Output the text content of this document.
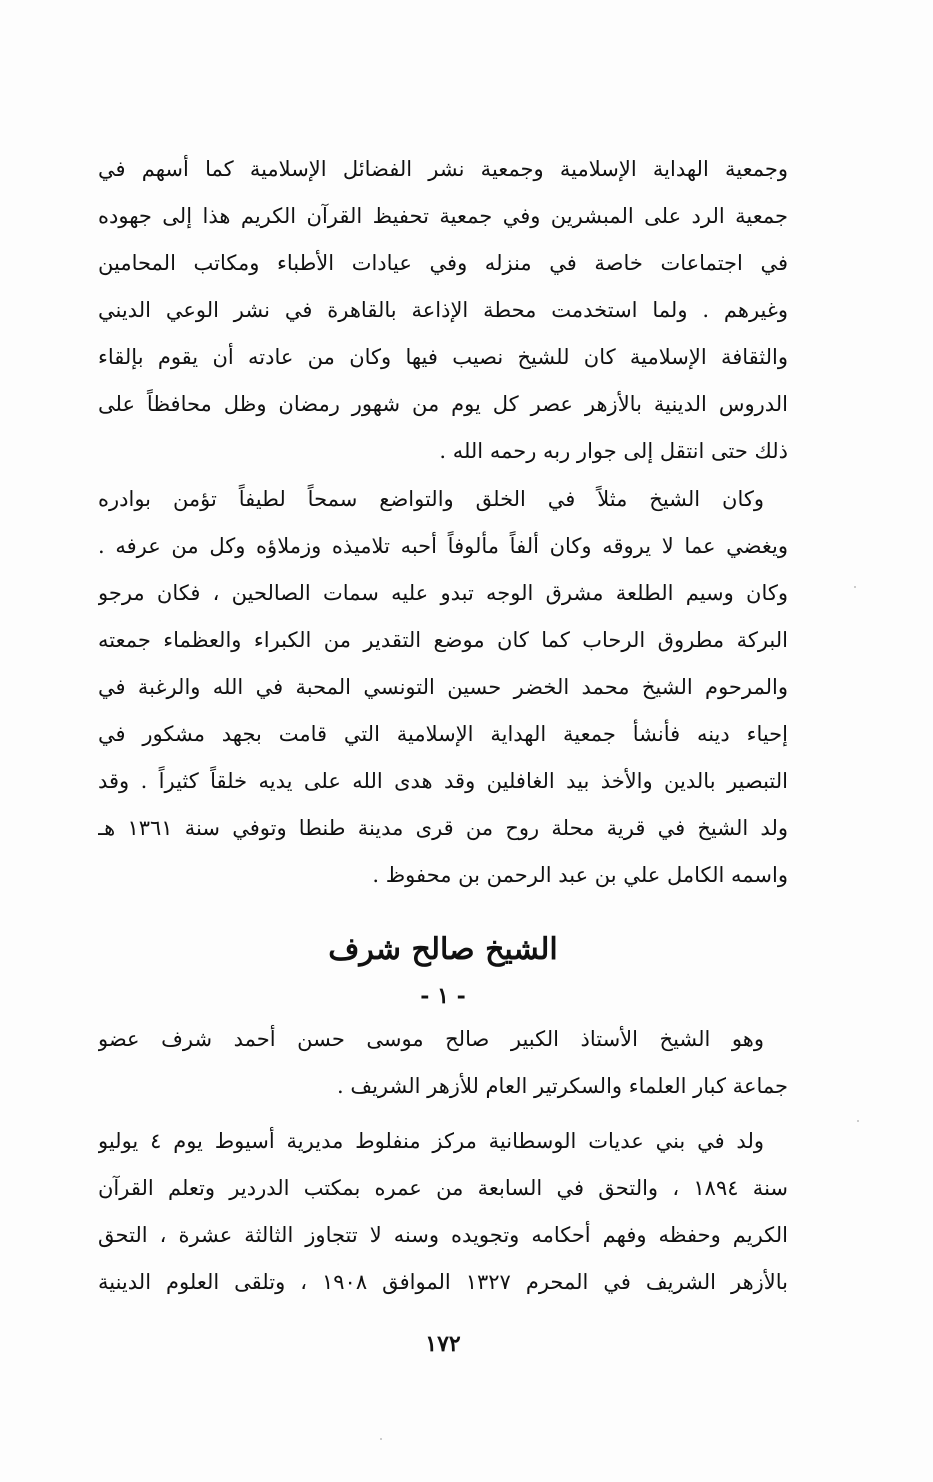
وجمعية الهداية الإسلامية وجمعية نشر الفضائل الإسلامية كما أسهم في
جمعية الرد على المبشرين وفي جمعية تحفيظ القرآن الكريم هذا إلى جهوده
في اجتماعات خاصة في منزله وفي عيادات الأطباء ومكاتب المحامين
وغيرهم . ولما استخدمت محطة الإذاعة بالقاهرة في نشر الوعي الديني
والثقافة الإسلامية كان للشيخ نصيب فيها وكان من عادته أن يقوم بإلقاء
الدروس الدينية بالأزهر عصر كل يوم من شهور رمضان وظل محافظاً على
ذلك حتى انتقل إلى جوار ربه رحمه الله .
وكان الشيخ مثلاً في الخلق والتواضع سمحاً لطيفاً تؤمن بوادره
ويغضي عما لا يروقه وكان ألفاً مألوفاً أحبه تلاميذه وزملاؤه وكل من عرفه .
وكان وسيم الطلعة مشرق الوجه تبدو عليه سمات الصالحين ، فكان مرجو
البركة مطروق الرحاب كما كان موضع التقدير من الكبراء والعظماء جمعته
والمرحوم الشيخ محمد الخضر حسين التونسي المحبة في الله والرغبة في
إحياء دينه فأنشأ جمعية الهداية الإسلامية التي قامت بجهد مشكور في
التبصير بالدين والأخذ بيد الغافلين وقد هدى الله على يديه خلقاً كثيراً . وقد
ولد الشيخ في قرية محلة روح من قرى مدينة طنطا وتوفي سنة ١٣٦١ هـ
واسمه الكامل علي بن عبد الرحمن بن محفوظ .
الشيخ صالح شرف
- ١ -
وهو الشيخ الأستاذ الكبير صالح موسى حسن أحمد شرف عضو
جماعة كبار العلماء والسكرتير العام للأزهر الشريف .
ولد في بني عديات الوسطانية مركز منفلوط مديرية أسيوط يوم ٤ يوليو
سنة ١٨٩٤ ، والتحق في السابعة من عمره بمكتب الدردير وتعلم القرآن
الكريم وحفظه وفهم أحكامه وتجويده وسنه لا تتجاوز الثالثة عشرة ، التحق
بالأزهر الشريف في المحرم ١٣٢٧ الموافق ١٩٠٨ ، وتلقى العلوم الدينية
١٧٢
